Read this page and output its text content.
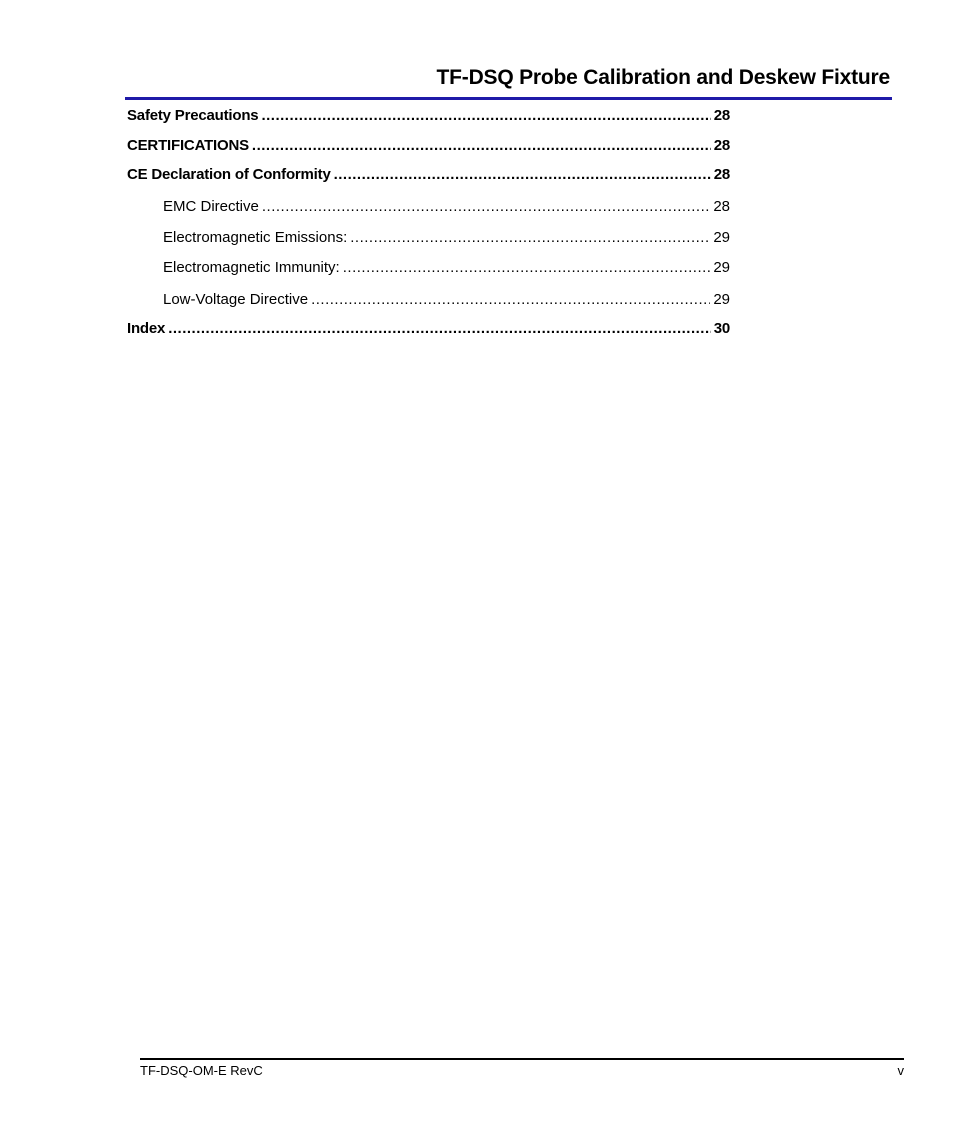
TF-DSQ Probe Calibration and Deskew Fixture
Safety Precautions .....	28
CERTIFICATIONS .....	28
CE Declaration of Conformity .....	28
EMC Directive .....	28
Electromagnetic Emissions: .....	29
Electromagnetic Immunity: .....	29
Low-Voltage Directive .....	29
Index .....	30
TF-DSQ-OM-E RevC	v
